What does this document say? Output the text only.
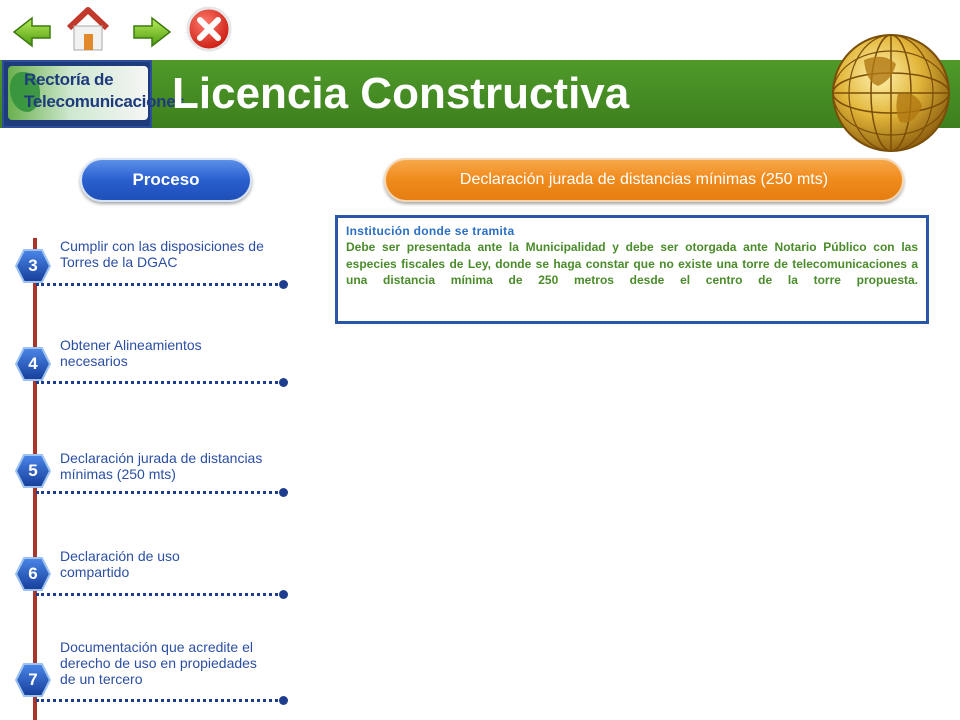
Rectoría de
Telecomunicaciones
Licencia Constructiva
Proceso	Declaración jurada de distancias mínimas (250 mts)
Institución donde se tramita
Debe ser presentada ante la Municipalidad y debe ser otorgada ante Notario Público con las especies fiscales de Ley, donde se haga constar que no existe una torre de telecomunicaciones a una distancia mínima de 250 metros desde el centro de la torre propuesta.
3
Cumplir con las disposiciones de Torres de la DGAC
4
Obtener Alineamientos necesarios
5
Declaración jurada de distancias mínimas (250 mts)
6
Declaración de uso compartido
7
Documentación que acredite el derecho de uso en propiedades de un tercero
